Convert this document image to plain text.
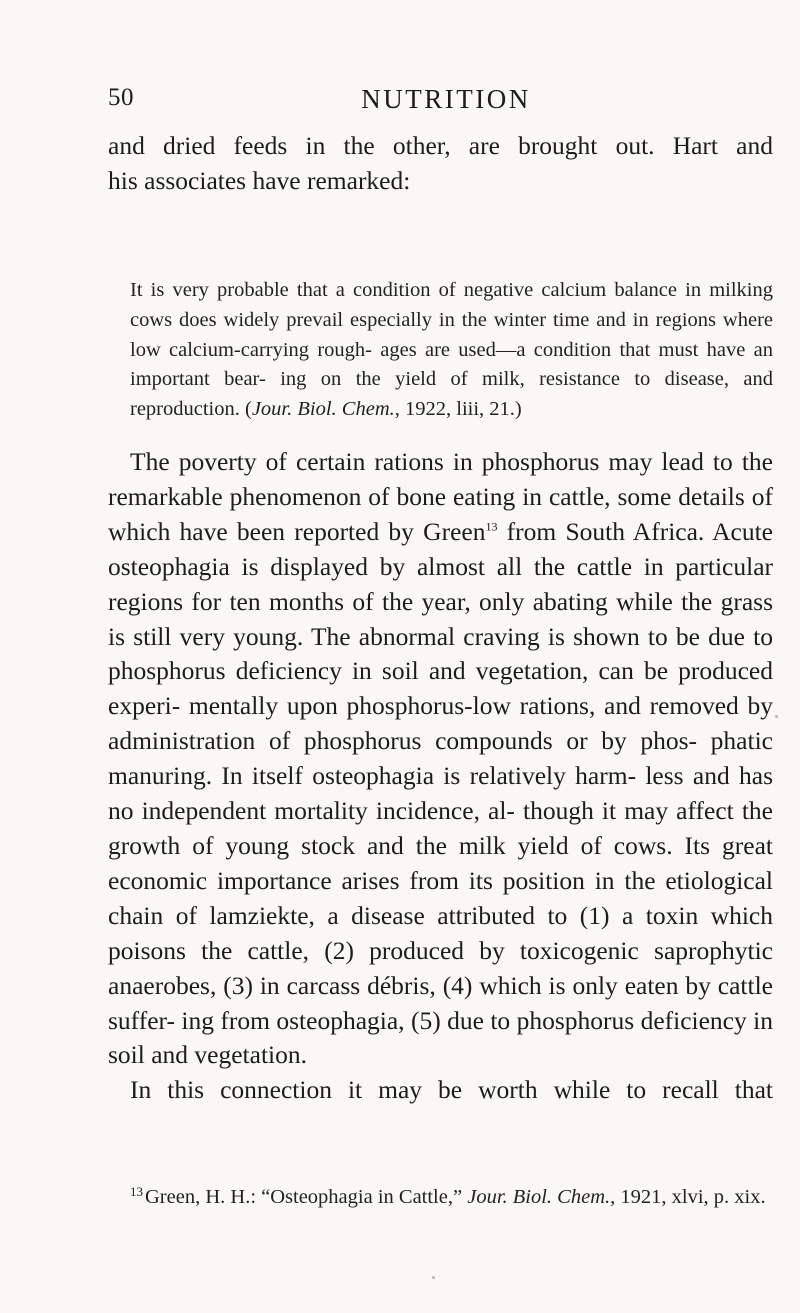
50	NUTRITION
and dried feeds in the other, are brought out. Hart and
his associates have remarked:
It is very probable that a condition of negative calcium balance in milking cows does widely prevail especially in the winter time and in regions where low calcium-carrying rough- ages are used—a condition that must have an important bear- ing on the yield of milk, resistance to disease, and reproduction. (Jour. Biol. Chem., 1922, liii, 21.)
The poverty of certain rations in phosphorus may lead to the remarkable phenomenon of bone eating in cattle, some details of which have been reported by Green$^{13}$ from South Africa. Acute osteophagia is displayed by almost all the cattle in particular regions for ten months of the year, only abating while the grass is still very young. The abnormal craving is shown to be due to phosphorus deficiency in soil and vegetation, can be produced experi- mentally upon phosphorus-low rations, and removed by administration of phosphorus compounds or by phos- phatic manuring. In itself osteophagia is relatively harm- less and has no independent mortality incidence, al- though it may affect the growth of young stock and the milk yield of cows. Its great economic importance arises from its position in the etiological chain of lamziekte, a disease attributed to (1) a toxin which poisons the cattle, (2) produced by toxicogenic saprophytic anaerobes, (3) in carcass débris, (4) which is only eaten by cattle suffer- ing from osteophagia, (5) due to phosphorus deficiency in soil and vegetation.
In this connection it may be worth while to recall that
$^{13}$Green, H. H.: “Osteophagia in Cattle,” Jour. Biol. Chem., 1921, xlvi, p. xix.
